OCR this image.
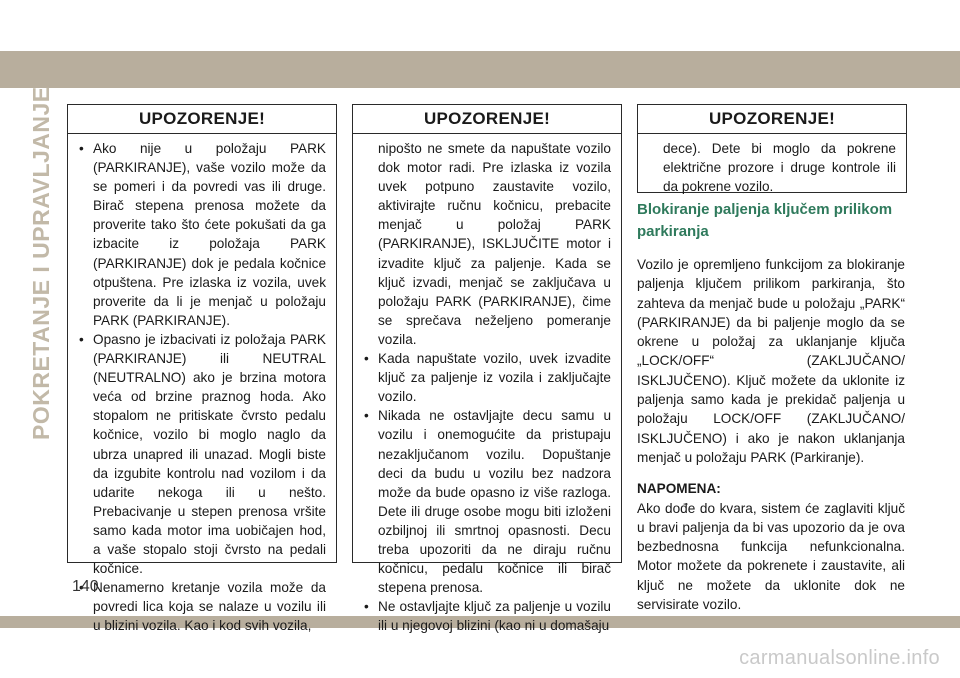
POKRETANJE I UPRAVLJANJE	UPOZORENJE!
• Ako nije u položaju PARK (PARKIRANJE), vaše vozilo može da se pomeri i da povredi vas ili druge. Birač stepena prenosa možete da proverite tako što ćete pokušati da ga izbacite iz položaja PARK (PARKIRANJE) dok je pedala kočnice otpuštena. Pre izlaska iz vozila, uvek proverite da li je menjač u položaju PARK (PARKIRANJE).
• Opasno je izbacivati iz položaja PARK (PARKIRANJE) ili NEUTRAL (NEUTRALNO) ako je brzina motora veća od brzine praznog hoda. Ako stopalom ne pritiskate čvrsto pedalu kočnice, vozilo bi moglo naglo da ubrza unapred ili unazad. Mogli biste da izgubite kontrolu nad vozilom i da udarite nekoga ili u nešto. Prebacivanje u stepen prenosa vršite samo kada motor ima uobičajen hod, a vaše stopalo stoji čvrsto na pedali kočnice.
• Nenamerno kretanje vozila može da povredi lica koja se nalaze u vozilu ili u blizini vozila. Kao i kod svih vozila,
UPOZORENJE!
nipošto ne smete da napuštate vozilo dok motor radi. Pre izlaska iz vozila uvek potpuno zaustavite vozilo, aktivirajte ručnu kočnicu, prebacite menjač u položaj PARK (PARKIRANJE), ISKLJUČITE motor i izvadite ključ za paljenje. Kada se ključ izvadi, menjač se zaključava u položaju PARK (PARKIRANJE), čime se sprečava neželjeno pomeranje vozila.
• Kada napuštate vozilo, uvek izvadite ključ za paljenje iz vozila i zaključajte vozilo.
• Nikada ne ostavljajte decu samu u vozilu i onemogućite da pristupaju nezaključanom vozilu. Dopuštanje deci da budu u vozilu bez nadzora može da bude opasno iz više razloga. Dete ili druge osobe mogu biti izloženi ozbiljnoj ili smrtnoj opasnosti. Decu treba upozoriti da ne diraju ručnu kočnicu, pedalu kočnice ili birač stepena prenosa.
• Ne ostavljajte ključ za paljenje u vozilu ili u njegovoj blizini (kao ni u domašaju
UPOZORENJE!
dece). Dete bi moglo da pokrene električne prozore i druge kontrole ili da pokrene vozilo.
Blokiranje paljenja ključem prilikom parkiranja

Vozilo je opremljeno funkcijom za blokiranje paljenja ključem prilikom parkiranja, što zahteva da menjač bude u položaju „PARK“ (PARKIRANJE) da bi paljenje moglo da se okrene u položaj za uklanjanje ključa „LOCK/OFF“ (ZAKLJUČANO/ ISKLJUČENO). Ključ možete da uklonite iz paljenja samo kada je prekidač paljenja u položaju LOCK/OFF (ZAKLJUČANO/ ISKLJUČENO) i ako je nakon uklanjanja menjač u položaju PARK (Parkiranje).

NAPOMENA:

Ako dođe do kvara, sistem će zaglaviti ključ u bravi paljenja da bi vas upozorio da je ova bezbednosna funkcija nefunkcionalna. Motor možete da pokrenete i zaustavite, ali ključ ne možete da uklonite dok ne servisirate vozilo.

140
carmanualsonline.info
